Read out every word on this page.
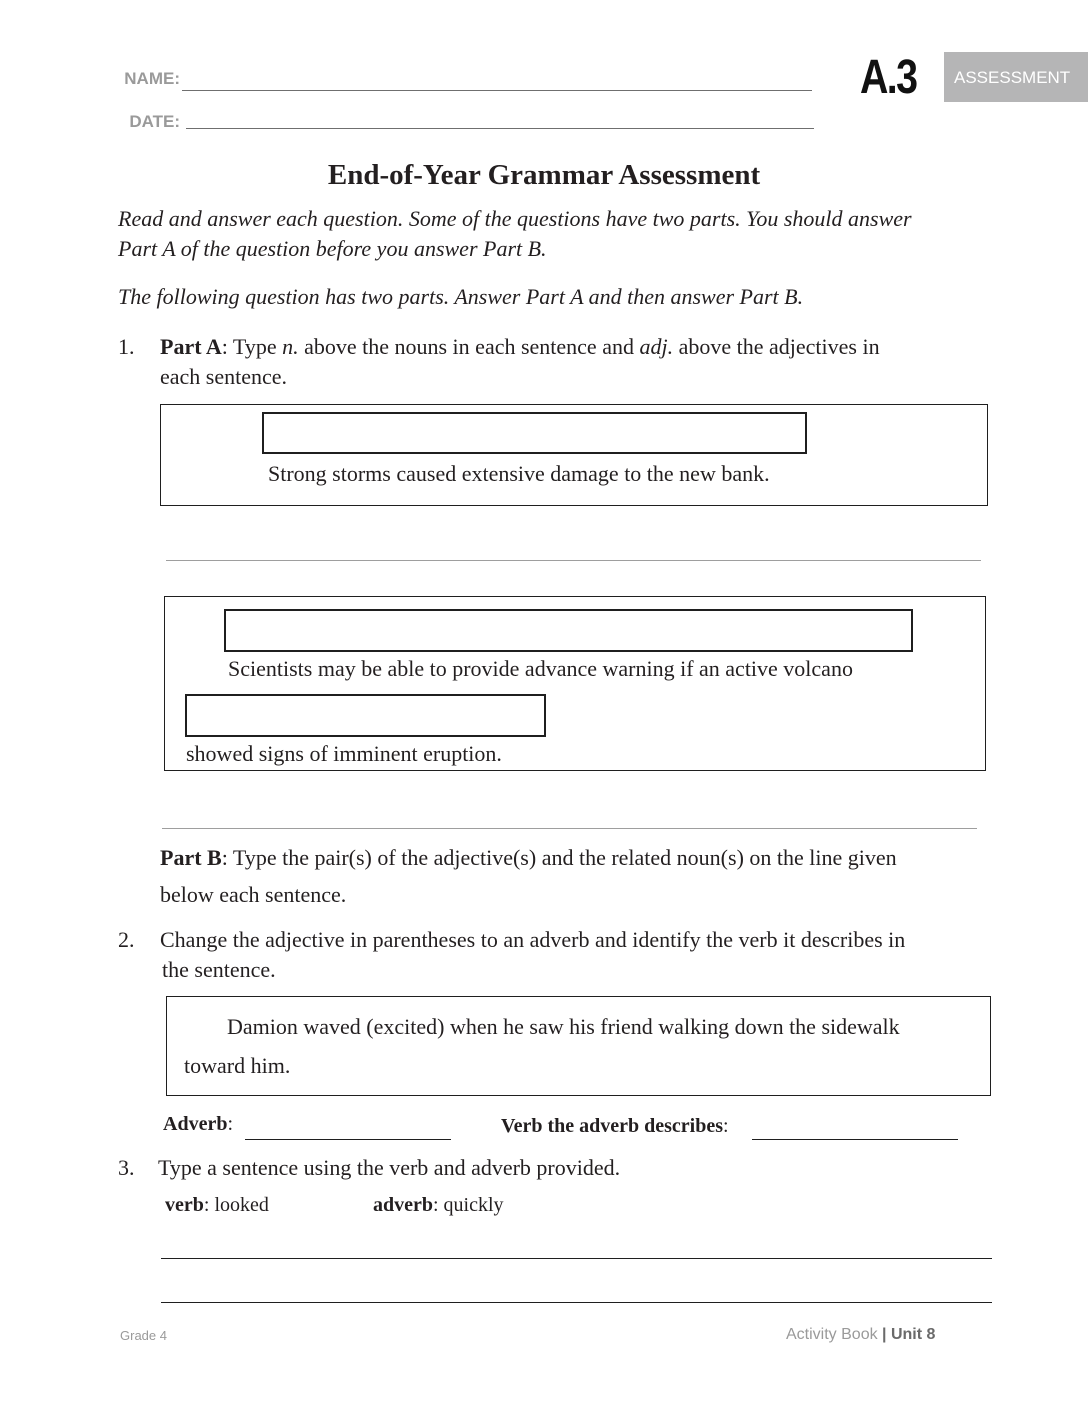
NAME:
DATE:
A.3	ASSESSMENT
End-of-Year Grammar Assessment
Read and answer each question. Some of the questions have two parts. You should answer
Part A of the question before you answer Part B.
The following question has two parts. Answer Part A and then answer Part B.
1. Part A: Type n. above the nouns in each sentence and adj. above the adjectives in
each sentence.
Strong storms caused extensive damage to the new bank.
Scientists may be able to provide advance warning if an active volcano
showed signs of imminent eruption.
Part B: Type the pair(s) of the adjective(s) and the related noun(s) on the line given
below each sentence.
2. Change the adjective in parentheses to an adverb and identify the verb it describes in
the sentence.
Damion waved (excited) when he saw his friend walking down the sidewalk
toward him.
Adverb:	Verb the adverb describes:
3. Type a sentence using the verb and adverb provided.
verb: looked	adverb: quickly
Grade 4	Activity Book | Unit 8
